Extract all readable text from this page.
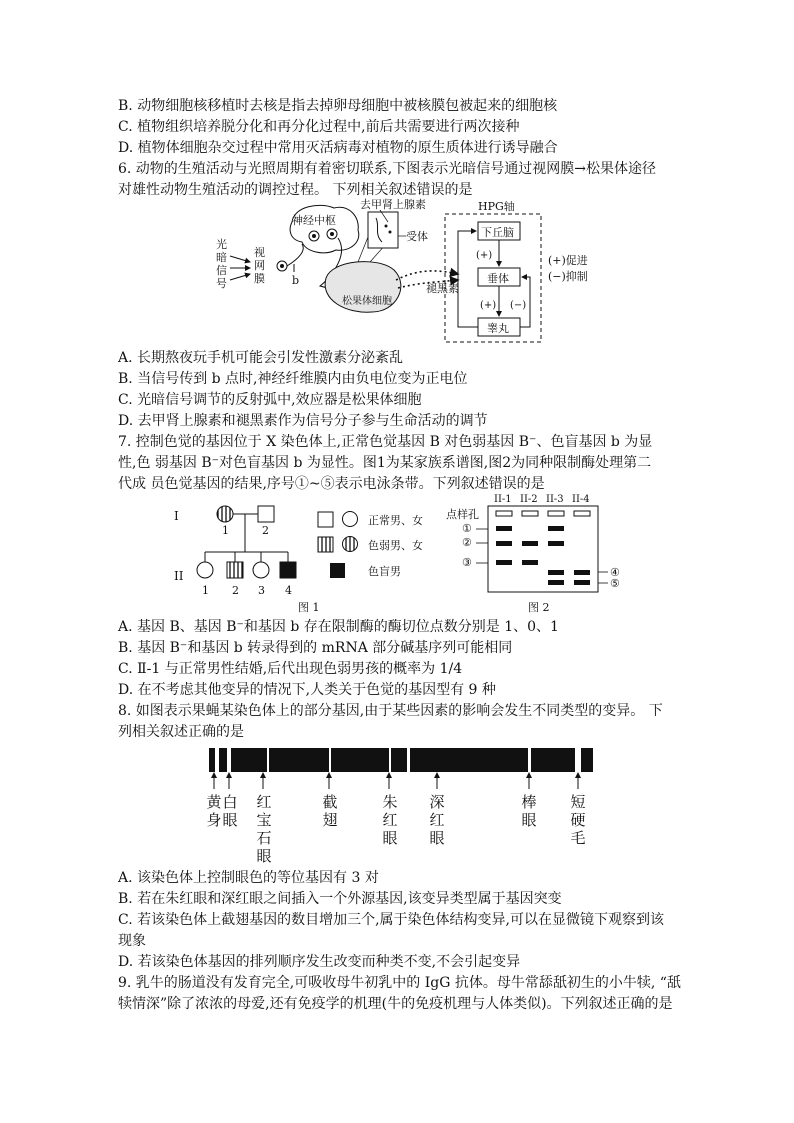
B. 动物细胞核移植时去核是指去掉卵母细胞中被核膜包被起来的细胞核
C. 植物组织培养脱分化和再分化过程中,前后共需要进行两次接种
D. 植物体细胞杂交过程中常用灭活病毒对植物的原生质体进行诱导融合
6. 动物的生殖活动与光照周期有着密切联系,下图表示光暗信号通过视网膜→松果体途径
对雄性动物生殖活动的调控过程。 下列相关叙述错误的是
光
暗
信
号
视
网
膜 b
神经中枢
去甲肾上腺素
受体
松果体细胞
褪黑素
HPG轴
下丘脑
垂体
睾丸
(+)
(+) (−)
(+)促进
(−)抑制
A. 长期熬夜玩手机可能会引发性激素分泌紊乱
B. 当信号传到 b 点时,神经纤维膜内由负电位变为正电位
C. 光暗信号调节的反射弧中,效应器是松果体细胞
D. 去甲肾上腺素和褪黑素作为信号分子参与生命活动的调节
7. 控制色觉的基因位于 X 染色体上,正常色觉基因 B 对色弱基因 B⁻、色盲基因 b 为显
性,色 弱基因 B⁻对色盲基因 b 为显性。图1为某家族系谱图,图2为同种限制酶处理第二
代成 员色觉基因的结果,序号①~⑤表示电泳条带。下列叙述错误的是
I
II
1	2
1 2 3 4
正常男、女
色弱男、女
色盲男
图 1
II-1 II-2 II-3 II-4
点样孔
①
②
③
④
⑤
图 2
A. 基因 B、基因 B⁻和基因 b 存在限制酶的酶切位点数分别是 1、0、1
B. 基因 B⁻和基因 b 转录得到的 mRNA 部分碱基序列可能相同
C. Ⅱ-1 与正常男性结婚,后代出现色弱男孩的概率为 1/4
D. 在不考虑其他变异的情况下,人类关于色觉的基因型有 9 种
8. 如图表示果蝇某染色体上的部分基因,由于某些因素的影响会发生不同类型的变异。 下
列相关叙述正确的是
黄
身
白
眼
红
宝
石
眼
截
翅
朱
红
眼
深
红
眼
棒
眼
短
硬
毛
A. 该染色体上控制眼色的等位基因有 3 对
B. 若在朱红眼和深红眼之间插入一个外源基因,该变异类型属于基因突变
C. 若该染色体上截翅基因的数目增加三个,属于染色体结构变异,可以在显微镜下观察到该
现象
D. 若该染色体基因的排列顺序发生改变而种类不变,不会引起变异
9. 乳牛的肠道没有发育完全,可吸收母牛初乳中的 IgG 抗体。母牛常舔舐初生的小牛犊, “舐
犊情深”除了浓浓的母爱,还有免疫学的机理(牛的免疫机理与人体类似)。下列叙述正确的是
